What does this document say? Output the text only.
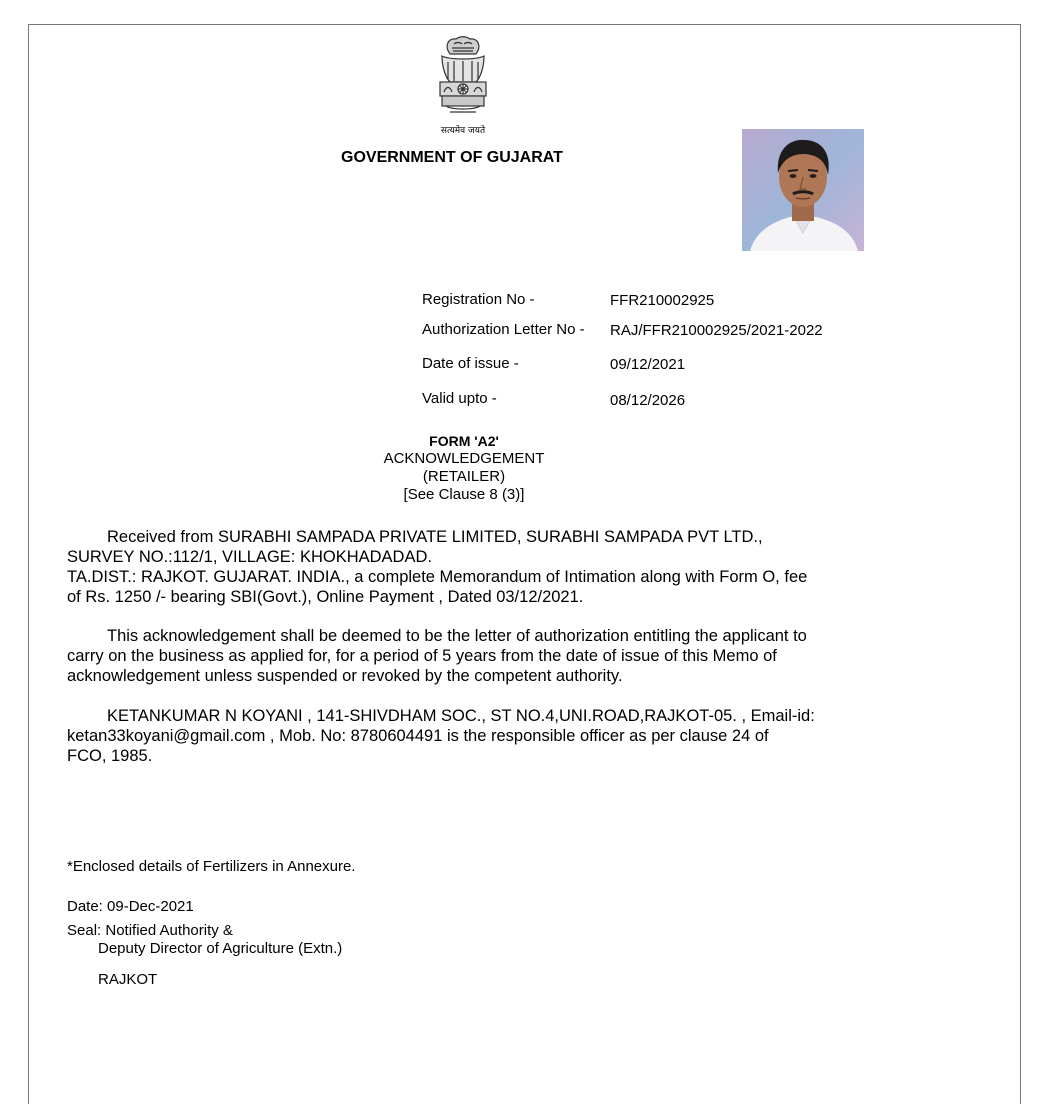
सत्यमेव जयते
GOVERNMENT OF GUJARAT
Registration No -	FFR210002925
Authorization Letter No - RAJ/FFR210002925/2021-2022
Date of issue -	09/12/2021
Valid upto -	08/12/2026
FORM 'A2'
ACKNOWLEDGEMENT
(RETAILER)
[See Clause 8 (3)]
Received from SURABHI SAMPADA PRIVATE LIMITED, SURABHI SAMPADA PVT LTD.,
SURVEY NO.:112/1, VILLAGE: KHOKHADADAD.
TA.DIST.: RAJKOT. GUJARAT. INDIA., a complete Memorandum of Intimation along with Form O, fee
of Rs. 1250 /- bearing SBI(Govt.), Online Payment , Dated 03/12/2021.
This acknowledgement shall be deemed to be the letter of authorization entitling the applicant to
carry on the business as applied for, for a period of 5 years from the date of issue of this Memo of
acknowledgement unless suspended or revoked by the competent authority.
KETANKUMAR N KOYANI , 141-SHIVDHAM SOC., ST NO.4,UNI.ROAD,RAJKOT-05. , Email-id:
ketan33koyani@gmail.com , Mob. No: 8780604491 is the responsible officer as per clause 24 of
FCO, 1985.
*Enclosed details of Fertilizers in Annexure.
Date: 09-Dec-2021
Seal: Notified Authority &
Deputy Director of Agriculture (Extn.)
RAJKOT
